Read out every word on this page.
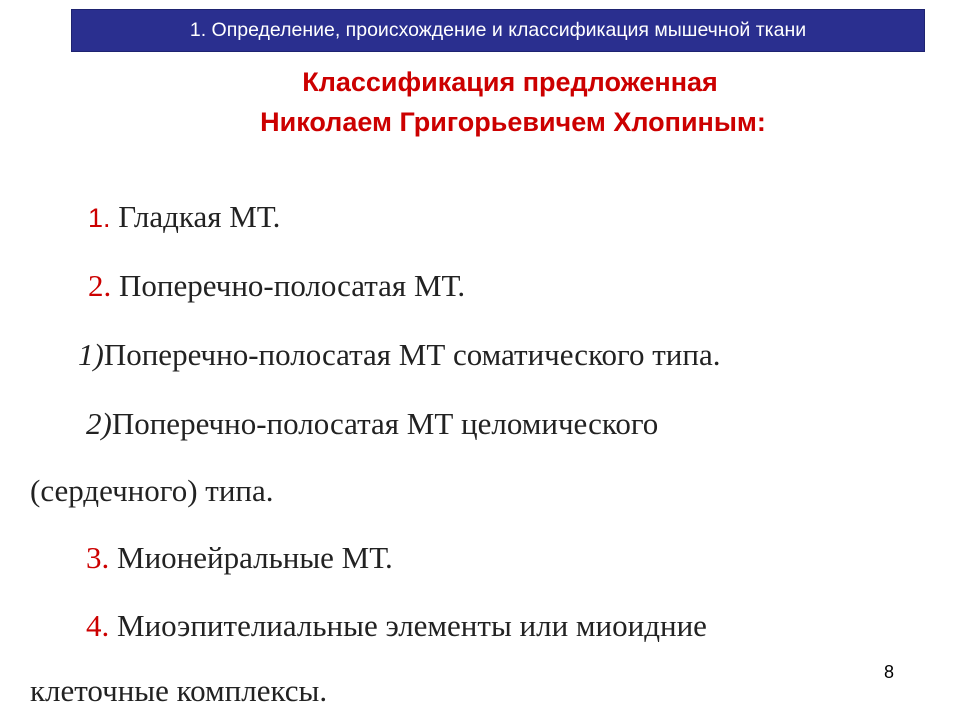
1. Определение, происхождение и классификация мышечной ткани
Классификация предложенная
Николаем Григорьевичем Хлопиным:

1. Гладкая МТ.

2. Поперечно-полосатая МТ.

1)Поперечно-полосатая МТ соматического типа.

2)Поперечно-полосатая МТ целомического

(сердечного) типа.

3. Мионейральные МТ.

4. Миоэпителиальные элементы или миоидние

клеточные комплексы.

8
